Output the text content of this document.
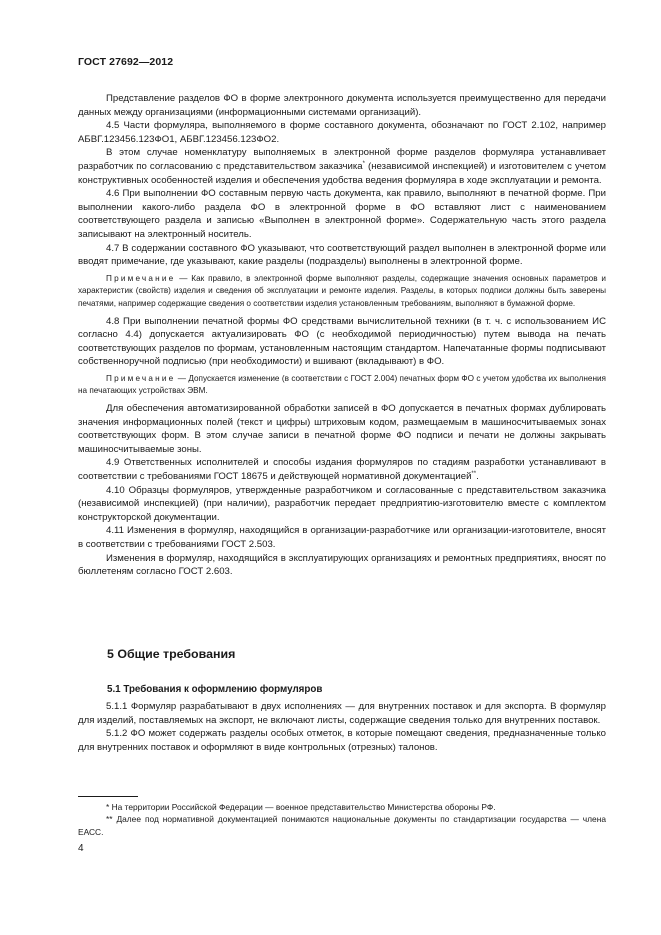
ГОСТ 27692—2012

Представление разделов ФО в форме электронного документа используется преимущественно для передачи данных между организациями (информационными системами организаций).

4.5 Части формуляра, выполняемого в форме составного документа, обозначают по ГОСТ 2.102, например АБВГ.123456.123ФО1, АБВГ.123456.123ФО2.

В этом случае номенклатуру выполняемых в электронной форме разделов формуляра устанавливает разработчик по согласованию с представительством заказчика* (независимой инспекцией) и изготовителем с учетом конструктивных особенностей изделия и обеспечения удобства ведения формуляра в ходе эксплуатации и ремонта.

4.6 При выполнении ФО составным первую часть документа, как правило, выполняют в печатной форме. При выполнении какого-либо раздела ФО в электронной форме в ФО вставляют лист с наименованием соответствующего раздела и записью «Выполнен в электронной форме». Содержательную часть этого раздела записывают на электронный носитель.

4.7 В содержании составного ФО указывают, что соответствующий раздел выполнен в электронной форме или вводят примечание, где указывают, какие разделы (подразделы) выполнены в электронной форме.

Примечание — Как правило, в электронной форме выполняют разделы, содержащие значения основных параметров и характеристик (свойств) изделия и сведения об эксплуатации и ремонте изделия. Разделы, в которых подписи должны быть заверены печатями, например содержащие сведения о соответствии изделия установленным требованиям, выполняют в бумажной форме.

4.8 При выполнении печатной формы ФО средствами вычислительной техники (в т. ч. с использованием ИС согласно 4.4) допускается актуализировать ФО (с необходимой периодичностью) путем вывода на печать соответствующих разделов по формам, установленным настоящим стандартом. Напечатанные формы подписывают собственноручной подписью (при необходимости) и вшивают (вкладывают) в ФО.

Примечание — Допускается изменение (в соответствии с ГОСТ 2.004) печатных форм ФО с учетом удобства их выполнения на печатающих устройствах ЭВМ.

Для обеспечения автоматизированной обработки записей в ФО допускается в печатных формах дублировать значения информационных полей (текст и цифры) штриховым кодом, размещаемым в машиносчитываемых зонах соответствующих форм. В этом случае записи в печатной форме ФО подписи и печати не должны закрывать машиносчитываемые зоны.

4.9 Ответственных исполнителей и способы издания формуляров по стадиям разработки устанавливают в соответствии с требованиями ГОСТ 18675 и действующей нормативной документацией**.

4.10 Образцы формуляров, утвержденные разработчиком и согласованные с представительством заказчика (независимой инспекцией) (при наличии), разработчик передает предприятию-изготовителю вместе с комплектом конструкторской документации.

4.11 Изменения в формуляр, находящийся в организации-разработчике или организации-изготовителе, вносят в соответствии с требованиями ГОСТ 2.503.

Изменения в формуляр, находящийся в эксплуатирующих организациях и ремонтных предприятиях, вносят по бюллетеням согласно ГОСТ 2.603.

5 Общие требования
5.1 Требования к оформлению формуляров

5.1.1 Формуляр разрабатывают в двух исполнениях — для внутренних поставок и для экспорта. В формуляр для изделий, поставляемых на экспорт, не включают листы, содержащие сведения только для внутренних поставок.

5.1.2 ФО может содержать разделы особых отметок, в которые помещают сведения, предназначенные только для внутренних поставок и оформляют в виде контрольных (отрезных) талонов.

* На территории Российской Федерации — военное представительство Министерства обороны РФ.

** Далее под нормативной документацией понимаются национальные документы по стандартизации государства — члена ЕАСС.

4
